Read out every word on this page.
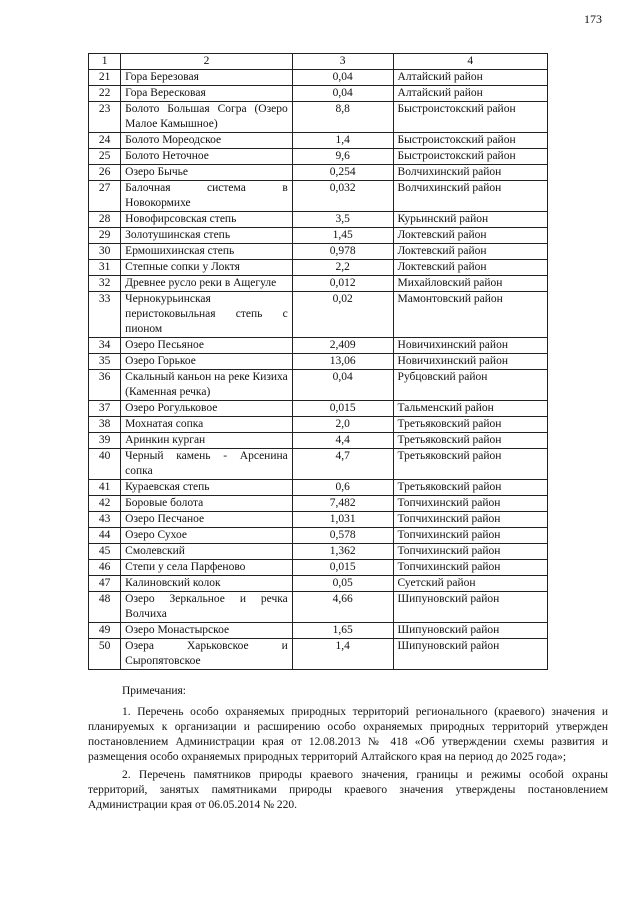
173
1	2	3	4
21	Гора Березовая	0,04	Алтайский район
22	Гора Вересковая	0,04	Алтайский район
23	Болото Большая Согра (Озеро Малое Камышное)	8,8	Быстроистокский район
24	Болото Мореодское	1,4	Быстроистокский район
25	Болото Неточное	9,6	Быстроистокский район
26	Озеро Бычье	0,254	Волчихинский район
27	Балочная система в Новокормихе	0,032	Волчихинский район
28	Новофирсовская степь	3,5	Курьинский район
29	Золотушинская степь	1,45	Локтевский район
30	Ермошихинская степь	0,978	Локтевский район
31	Степные сопки у Локтя	2,2	Локтевский район
32	Древнее русло реки в Ащегуле	0,012	Михайловский район
33	Чернокурьинская перистоковыльная степь с пионом	0,02	Мамонтовский район
34	Озеро Песьяное	2,409	Новичихинский район
35	Озеро Горькое	13,06	Новичихинский район
36	Скальный каньон на реке Кизиха (Каменная речка)	0,04	Рубцовский район
37	Озеро Рогульковое	0,015	Тальменский район
38	Мохнатая сопка	2,0	Третьяковский район
39	Аринкин курган	4,4	Третьяковский район
40	Черный камень - Арсенина сопка	4,7	Третьяковский район
41	Кураевская степь	0,6	Третьяковский район
42	Боровые болота	7,482	Топчихинский район
43	Озеро Песчаное	1,031	Топчихинский район
44	Озеро Сухое	0,578	Топчихинский район
45	Смолевский	1,362	Топчихинский район
46	Степи у села Парфеново	0,015	Топчихинский район
47	Калиновский колок	0,05	Суетский район
48	Озеро Зеркальное и речка Волчиха	4,66	Шипуновский район
49	Озеро Монастырское	1,65	Шипуновский район
50	Озера Харьковское и Сыропятовское	1,4	Шипуновский район

Примечания:

1. Перечень особо охраняемых природных территорий регионального (краевого) значения и планируемых к организации и расширению особо охраняемых природных территорий утвержден постановлением Администрации края от 12.08.2013 № 418 «Об утверждении схемы развития и размещения особо охраняемых природных территорий Алтайского края на период до 2025 года»;

2. Перечень памятников природы краевого значения, границы и режимы особой охраны территорий, занятых памятниками природы краевого значения утверждены постановлением Администрации края от 06.05.2014 № 220.
